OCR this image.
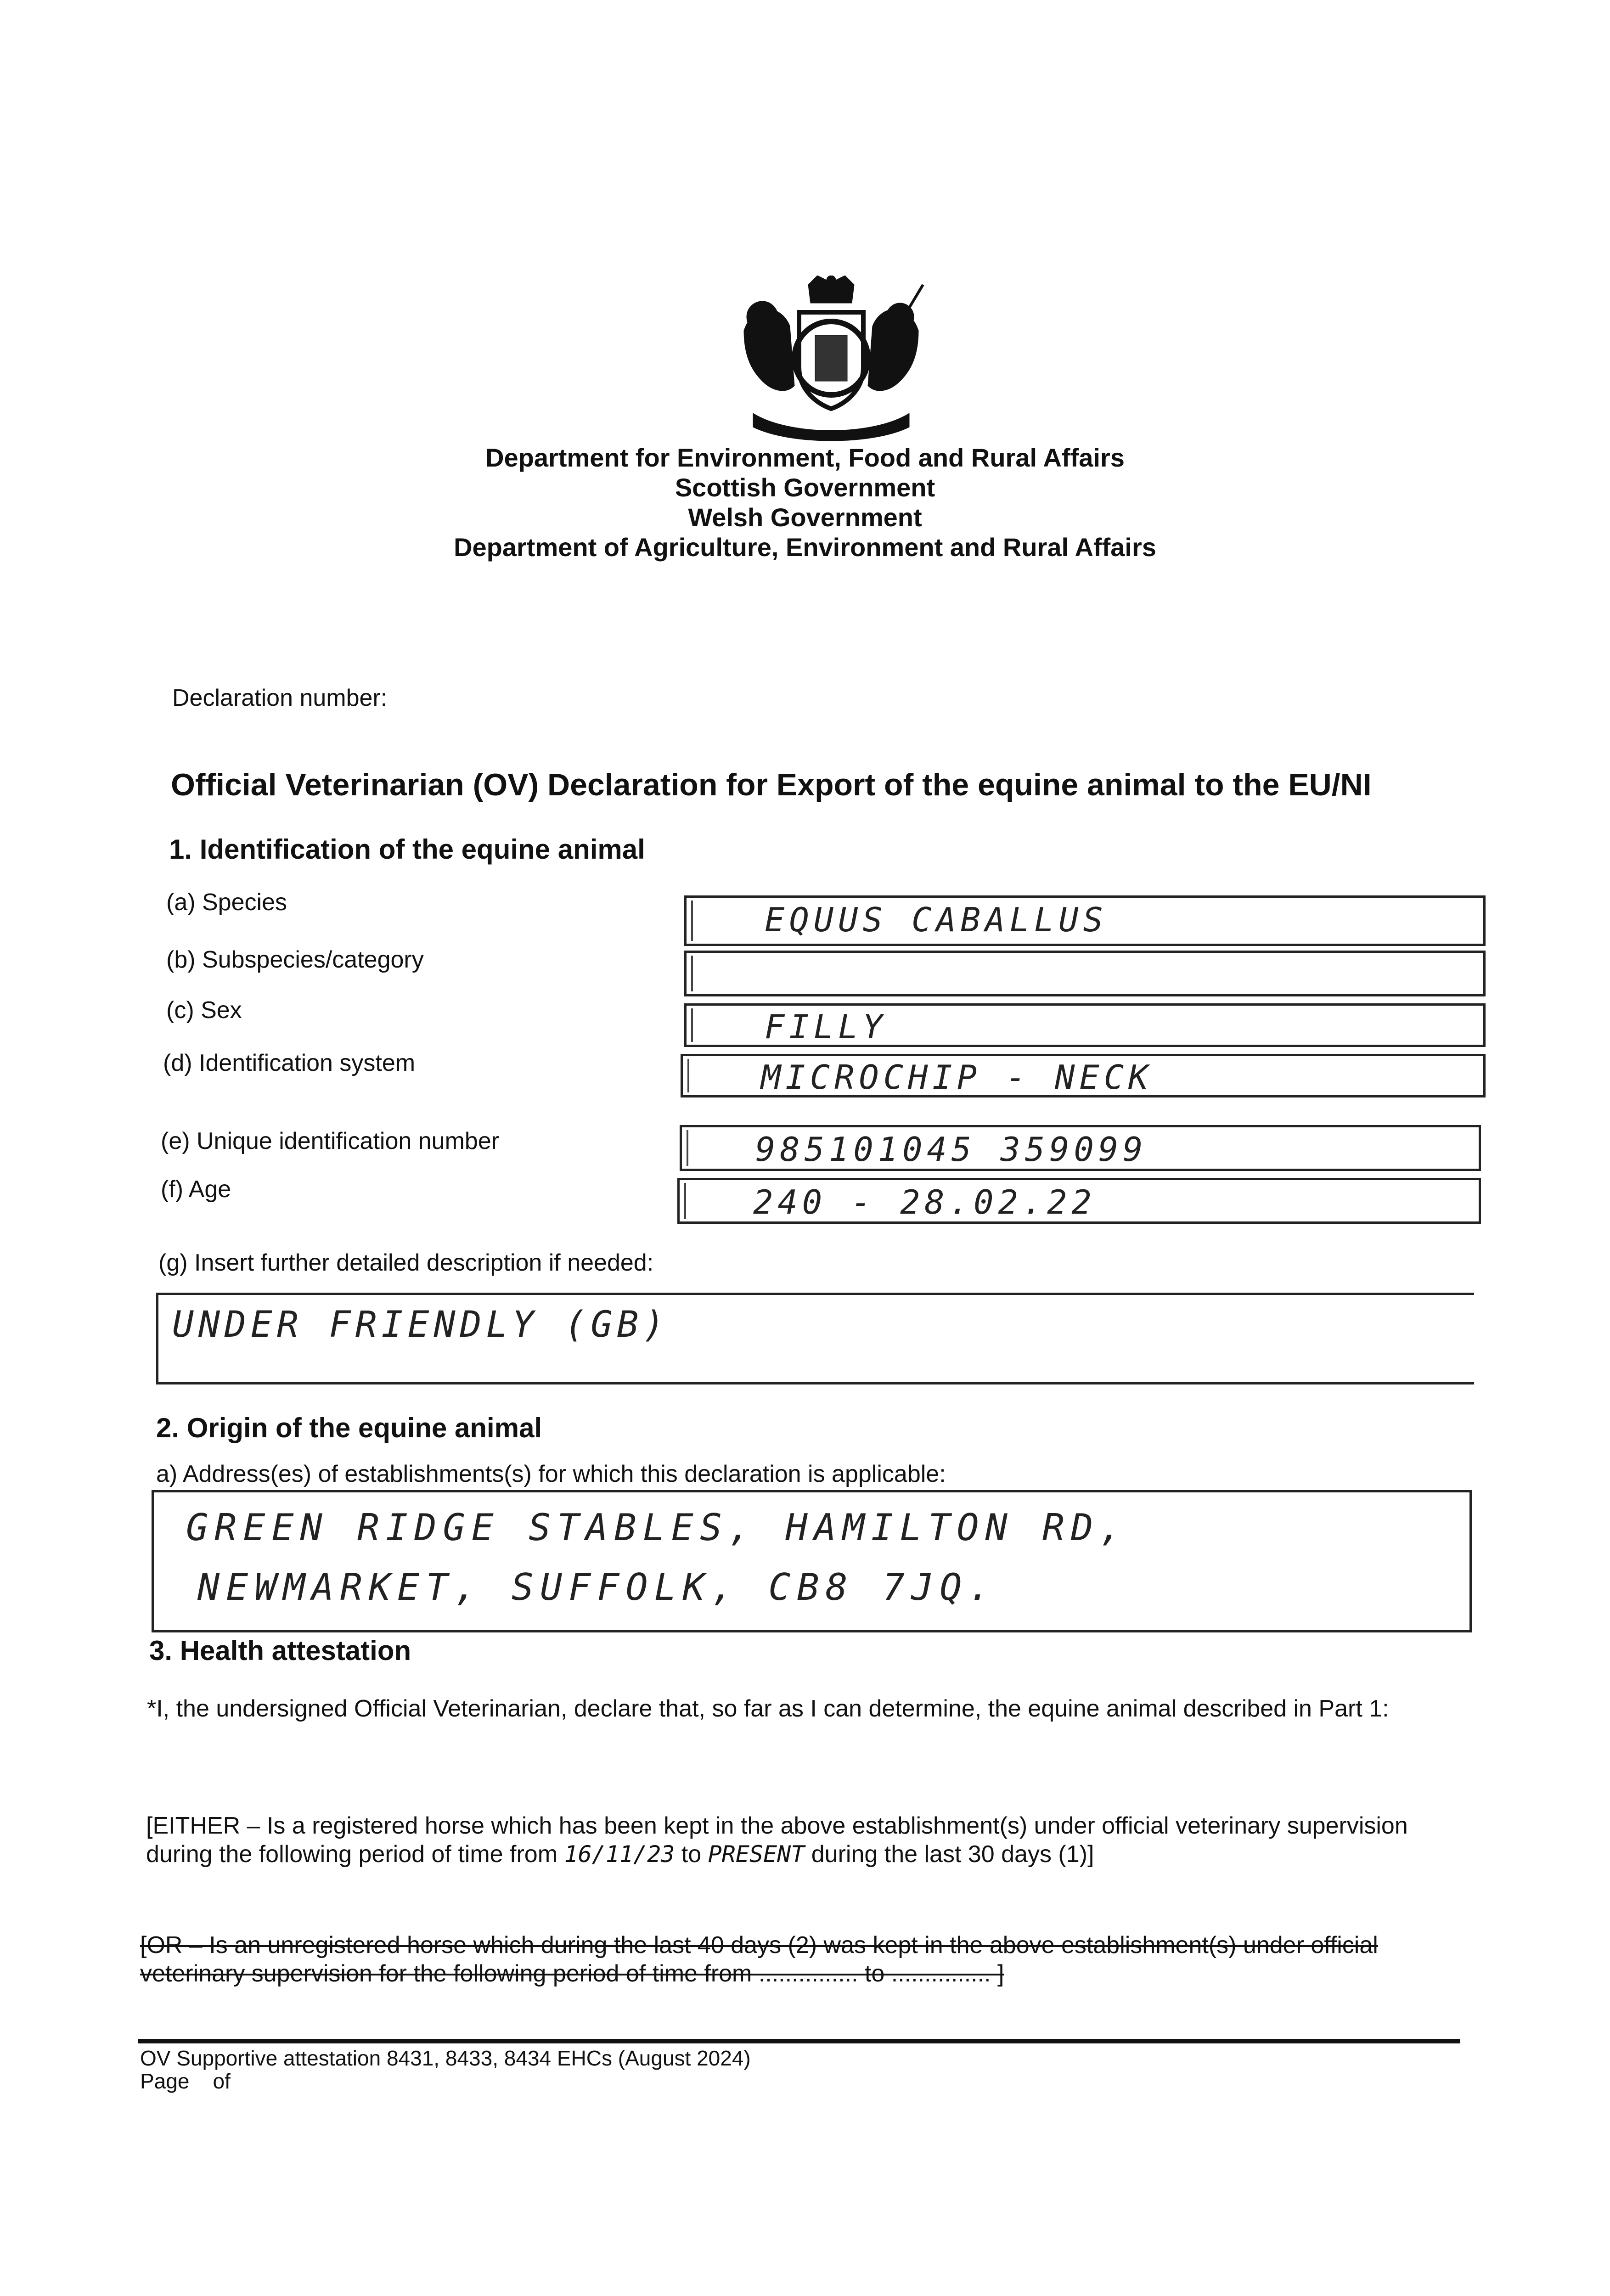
Department for Environment, Food and Rural Affairs
Scottish Government
Welsh Government
Department of Agriculture, Environment and Rural Affairs
Declaration number:
Official Veterinarian (OV) Declaration for Export of the equine animal to the EU/NI
1. Identification of the equine animal
(a) Species	EQUUS CABALLUS
(b) Subspecies/category
(c) Sex	FILLY
(d) Identification system	MICROCHIP - NECK
(e) Unique identification number	985101045 359099
(f) Age	240 - 28.02.22
(g) Insert further detailed description if needed:
UNDER FRIENDLY (GB)
2. Origin of the equine animal
a) Address(es) of establishments(s) for which this declaration is applicable:
GREEN RIDGE STABLES, HAMILTON RD,
NEWMARKET, SUFFOLK, CB8 7JQ.
3. Health attestation
*I, the undersigned Official Veterinarian, declare that, so far as I can determine, the equine animal described in Part 1:
[EITHER – Is a registered horse which has been kept in the above establishment(s) under official veterinary supervision during the following period of time from 16/11/23 to PRESENT during the last 30 days (1)]
[OR – Is an unregistered horse which during the last 40 days (2) was kept in the above establishment(s) under official veterinary supervision for the following period of time from ............... to ............... ]
OV Supportive attestation 8431, 8433, 8434 EHCs (August 2024)
Page    of
